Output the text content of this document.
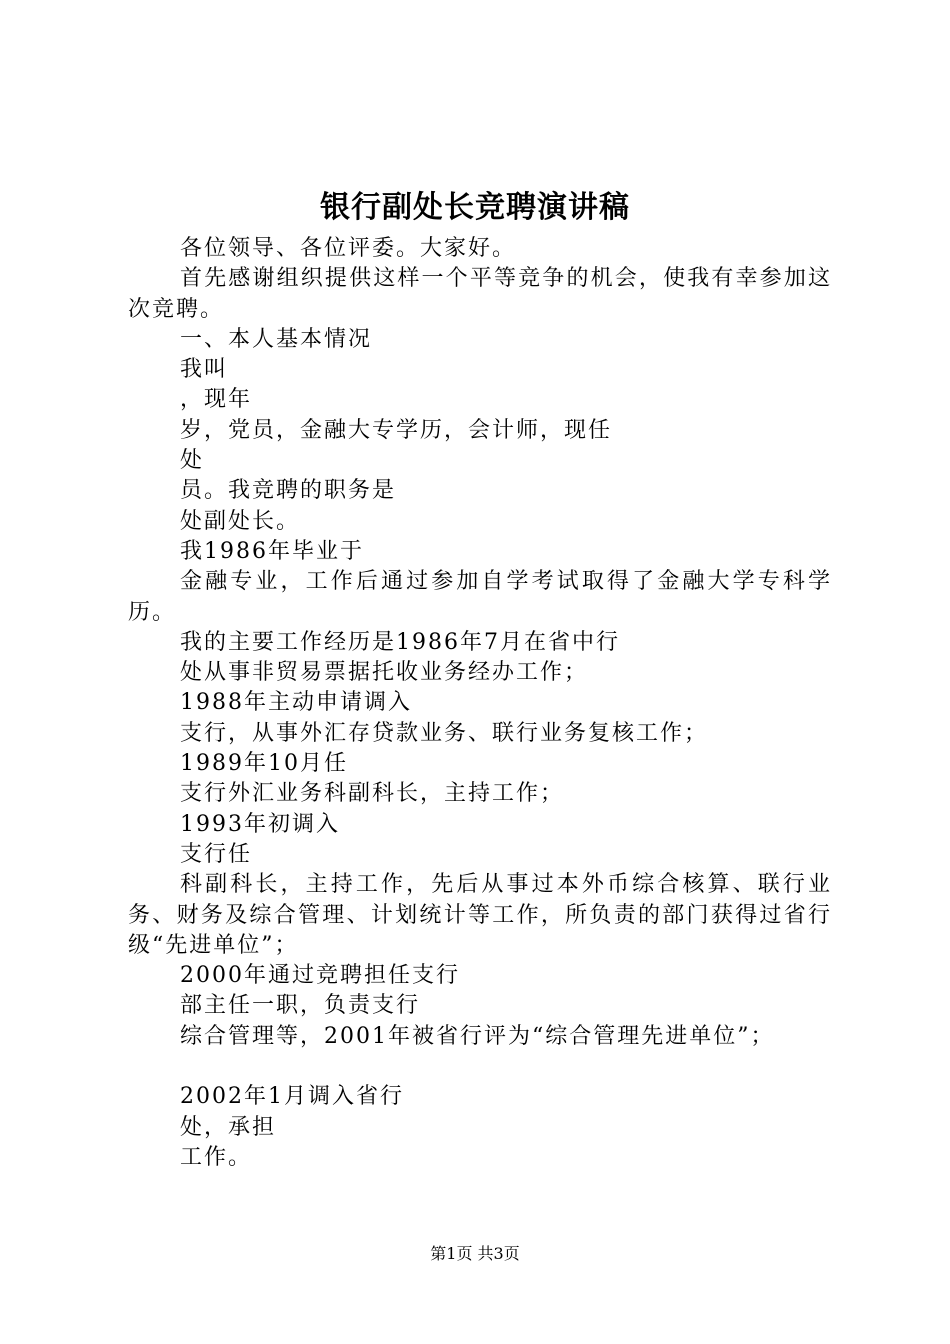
银行副处长竞聘演讲稿

各位领导、各位评委。大家好。

首先感谢组织提供这样一个平等竞争的机会，使我有幸参加这次竞聘。

一、本人基本情况

我叫

，现年

岁，党员，金融大专学历，会计师，现任

处

员。我竞聘的职务是

处副处长。

我1986年毕业于

金融专业，工作后通过参加自学考试取得了金融大学专科学历。

我的主要工作经历是1986年7月在省中行

处从事非贸易票据托收业务经办工作；

1988年主动申请调入

支行，从事外汇存贷款业务、联行业务复核工作；

1989年10月任

支行外汇业务科副科长，主持工作；

1993年初调入

支行任

科副科长，主持工作，先后从事过本外币综合核算、联行业务、财务及综合管理、计划统计等工作，所负责的部门获得过省行级“先进单位”；

2000年通过竞聘担任支行

部主任一职，负责支行

综合管理等，2001年被省行评为“综合管理先进单位”；

2002年1月调入省行

处，承担

工作。

第1页 共3页
